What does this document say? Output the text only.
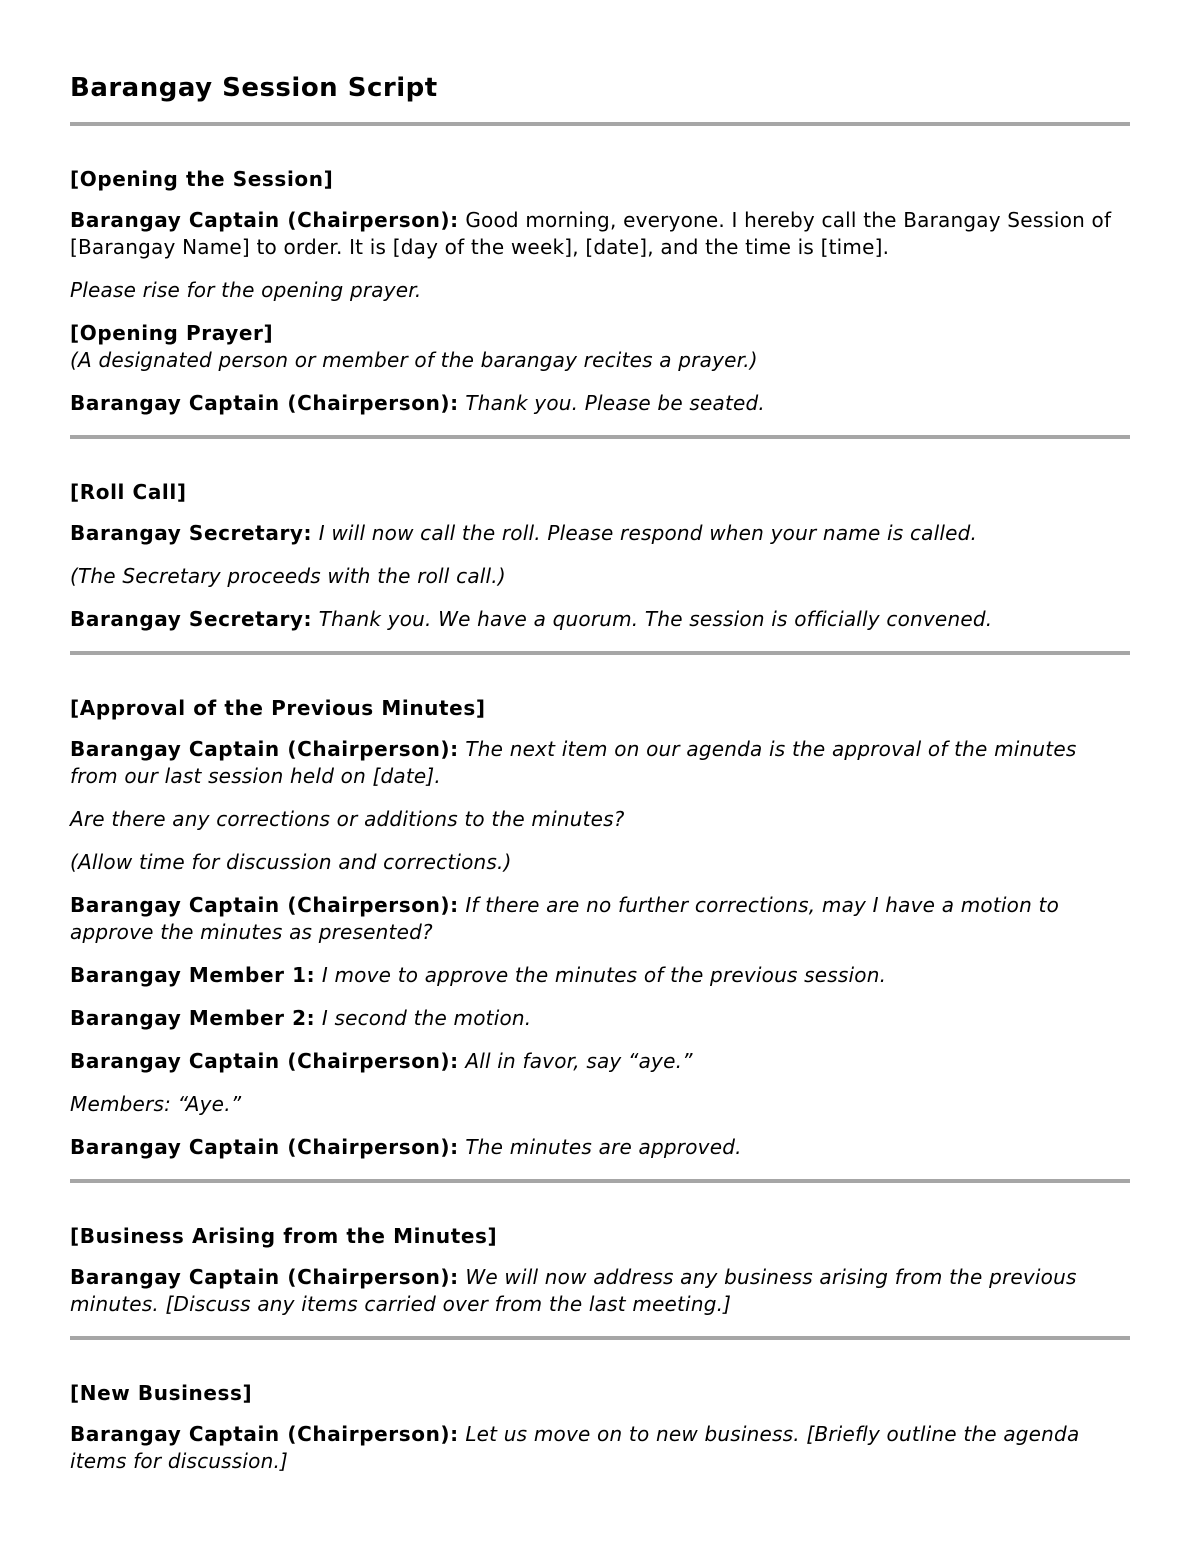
Barangay Session Script
[Opening the Session]

Barangay Captain (Chairperson): Good morning, everyone. I hereby call the Barangay Session of [Barangay Name] to order. It is [day of the week], [date], and the time is [time].

Please rise for the opening prayer.

[Opening Prayer]

(A designated person or member of the barangay recites a prayer.)

Barangay Captain (Chairperson): Thank you. Please be seated.

[Roll Call]

Barangay Secretary: I will now call the roll. Please respond when your name is called.

(The Secretary proceeds with the roll call.)

Barangay Secretary: Thank you. We have a quorum. The session is officially convened.

[Approval of the Previous Minutes]

Barangay Captain (Chairperson): The next item on our agenda is the approval of the minutes from our last session held on [date].

Are there any corrections or additions to the minutes?

(Allow time for discussion and corrections.)

Barangay Captain (Chairperson): If there are no further corrections, may I have a motion to approve the minutes as presented?

Barangay Member 1: I move to approve the minutes of the previous session.

Barangay Member 2: I second the motion.

Barangay Captain (Chairperson): All in favor, say “aye.”

Members: “Aye.”

Barangay Captain (Chairperson): The minutes are approved.

[Business Arising from the Minutes]

Barangay Captain (Chairperson): We will now address any business arising from the previous minutes. [Discuss any items carried over from the last meeting.]

[New Business]

Barangay Captain (Chairperson): Let us move on to new business. [Briefly outline the agenda items for discussion.]
